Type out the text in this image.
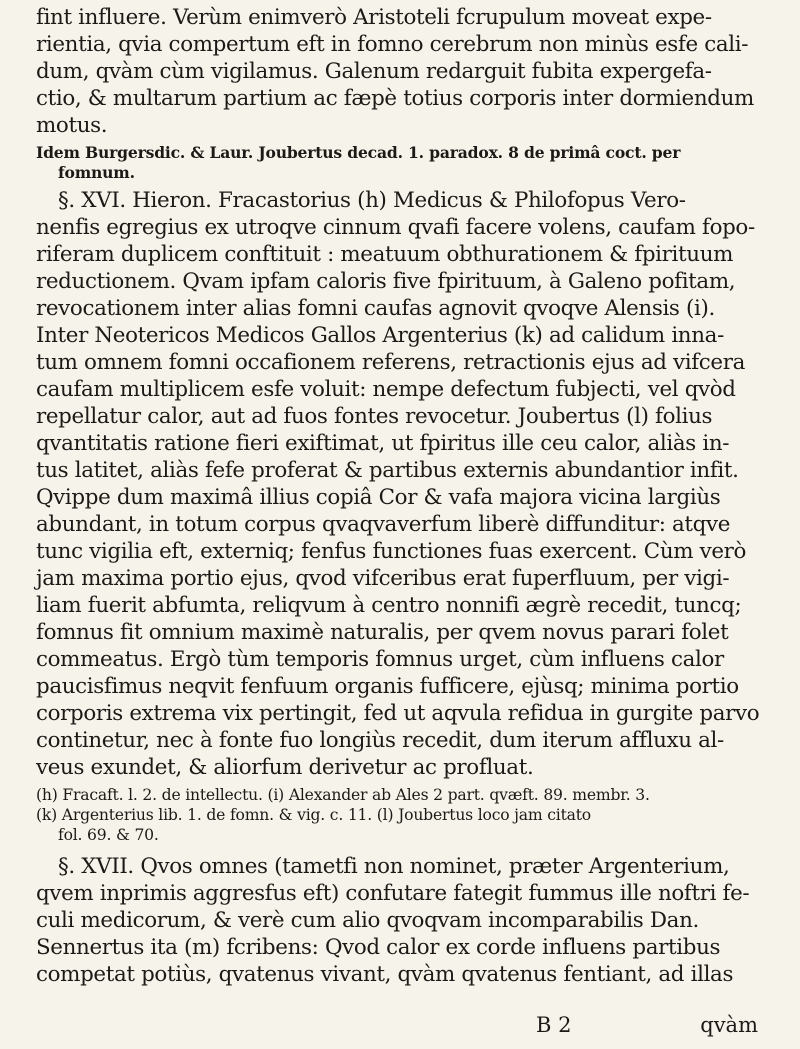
fint influere. Verùm enimverò Aristoteli fcrupulum moveat expe-
rientia, qvia compertum eft in fomno cerebrum non minùs esfe cali-
dum, qvàm cùm vigilamus. Galenum redarguit fubita expergefa-
ctio, & multarum partium ac fæpè totius corporis inter dormiendum
motus.
Idem Burgersdic. & Laur. Joubertus decad. 1. paradox. 8 de primâ coct. per
fomnum.
§. XVI. Hieron. Fracastorius (h) Medicus & Philofopus Vero-
nenfis egregius ex utroqve cinnum qvafi facere volens, caufam fopo-
riferam duplicem conftituit : meatuum obthurationem & fpirituum
reductionem. Qvam ipfam caloris five fpirituum, à Galeno pofitam,
revocationem inter alias fomni caufas agnovit qvoqve Alensis (i).
Inter Neotericos Medicos Gallos Argenterius (k) ad calidum inna-
tum omnem fomni occafionem referens, retractionis ejus ad vifcera
caufam multiplicem esfe voluit: nempe defectum fubjecti, vel qvòd
repellatur calor, aut ad fuos fontes revocetur. Joubertus (l) folius
qvantitatis ratione fieri exiftimat, ut fpiritus ille ceu calor, aliàs in-
tus latitet, aliàs fefe proferat & partibus externis abundantior infit.
Qvippe dum maximâ illius copiâ Cor & vafa majora vicina largiùs
abundant, in totum corpus qvaqvaverfum liberè diffunditur: atqve
tunc vigilia eft, externiq; fenfus functiones fuas exercent. Cùm verò
jam maxima portio ejus, qvod vifceribus erat fuperfluum, per vigi-
liam fuerit abfumta, reliqvum à centro nonnifi ægrè recedit, tuncq;
fomnus fit omnium maximè naturalis, per qvem novus parari folet
commeatus. Ergò tùm temporis fomnus urget, cùm influens calor
paucisfimus neqvit fenfuum organis fufficere, ejùsq; minima portio
corporis extrema vix pertingit, fed ut aqvula refidua in gurgite parvo
continetur, nec à fonte fuo longiùs recedit, dum iterum affluxu al-
veus exundet, & aliorfum derivetur ac profluat.
(h) Fracaft. l. 2. de intellectu. (i) Alexander ab Ales 2 part. qvæft. 89. membr. 3.
(k) Argenterius lib. 1. de fomn. & vig. c. 11. (l) Joubertus loco jam citato
fol. 69. & 70.
§. XVII. Qvos omnes (tametfi non nominet, præter Argenterium,
qvem inprimis aggresfus eft) confutare fategit fummus ille noftri fe-
culi medicorum, & verè cum alio qvoqvam incomparabilis Dan.
Sennertus ita (m) fcribens: Qvod calor ex corde influens partibus
competat potiùs, qvatenus vivant, qvàm qvatenus fentiant, ad illas
B 2	qvàm
